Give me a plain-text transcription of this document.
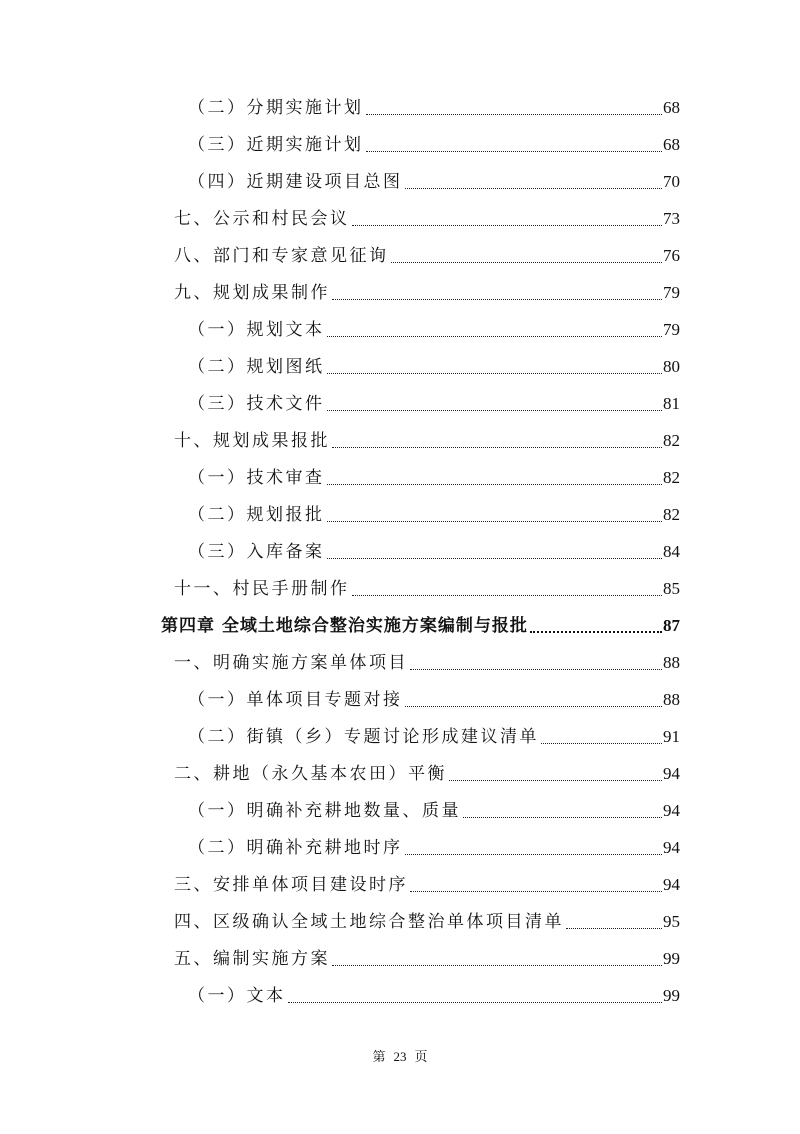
（二）分期实施计划	68
（三）近期实施计划	68
（四）近期建设项目总图	70
七、公示和村民会议	73
八、部门和专家意见征询	76
九、规划成果制作	79
（一）规划文本	79
（二）规划图纸	80
（三）技术文件	81
十、规划成果报批	82
（一）技术审查	82
（二）规划报批	82
（三）入库备案	84
十一、村民手册制作	85
第四章 全域土地综合整治实施方案编制与报批	87
一、明确实施方案单体项目	88
（一）单体项目专题对接	88
（二）街镇（乡）专题讨论形成建议清单	91
二、耕地（永久基本农田）平衡	94
（一）明确补充耕地数量、质量	94
（二）明确补充耕地时序	94
三、安排单体项目建设时序	94
四、区级确认全域土地综合整治单体项目清单	95
五、编制实施方案	99
（一）文本	99
第 23 页
